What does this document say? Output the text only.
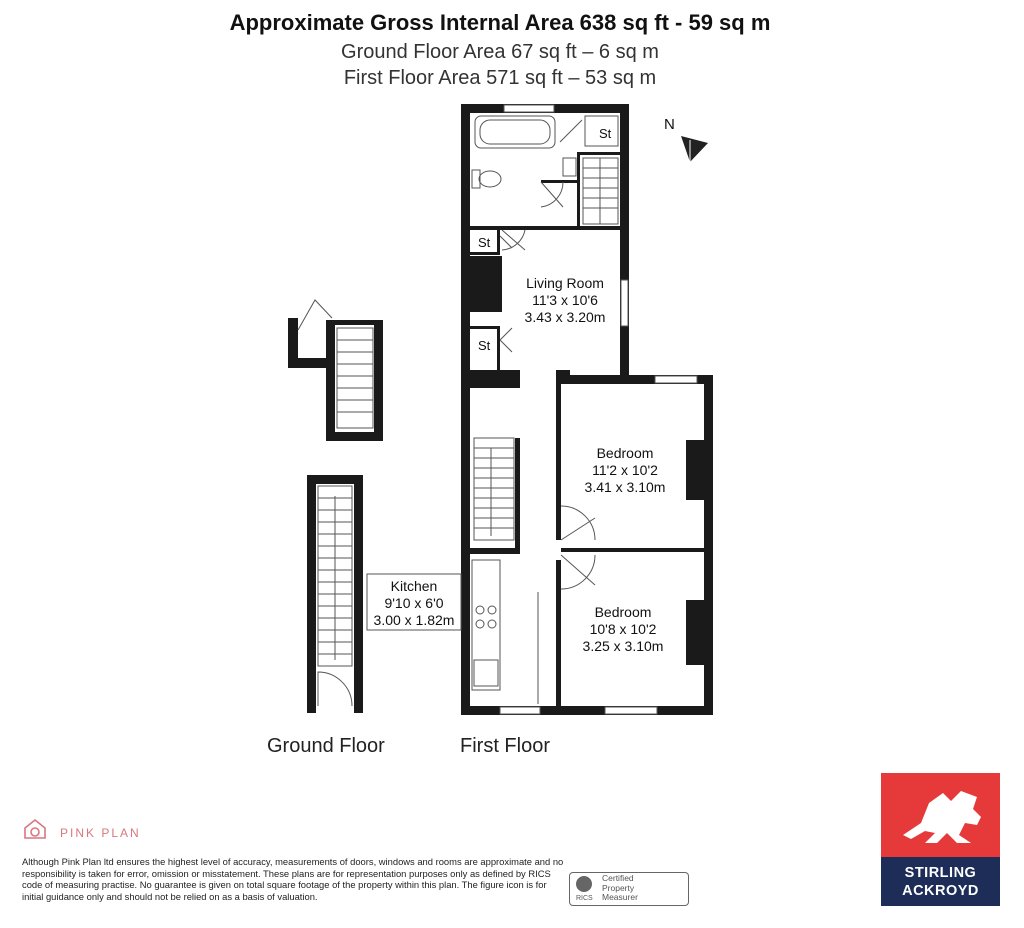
Approximate Gross Internal Area 638 sq ft - 59 sq m
Ground Floor Area 67 sq ft – 6 sq m
First Floor Area 571 sq ft – 53 sq m
RICS
St
St
St
N
Living Room
11'3 x 10'6
3.43 x 3.20m
Bedroom
11'2 x 10'2
3.41 x 3.10m
Bedroom
10'8 x 10'2
3.25 x 3.10m
Kitchen
9'10 x 6'0
3.00 x 1.82m
Ground Floor	First Floor
PINK PLAN
Although Pink Plan ltd ensures the highest level of accuracy, measurements of doors, windows and rooms are approximate and no responsibility is taken for error, omission or misstatement. These plans are for representation purposes only as defined by RICS code of measuring practise. No guarantee is given on total square footage of the property within this plan. The figure icon is for initial guidance only and should not be relied on as a basis of valuation.
Certified
Property
Measurer
STIRLING
ACKROYD
